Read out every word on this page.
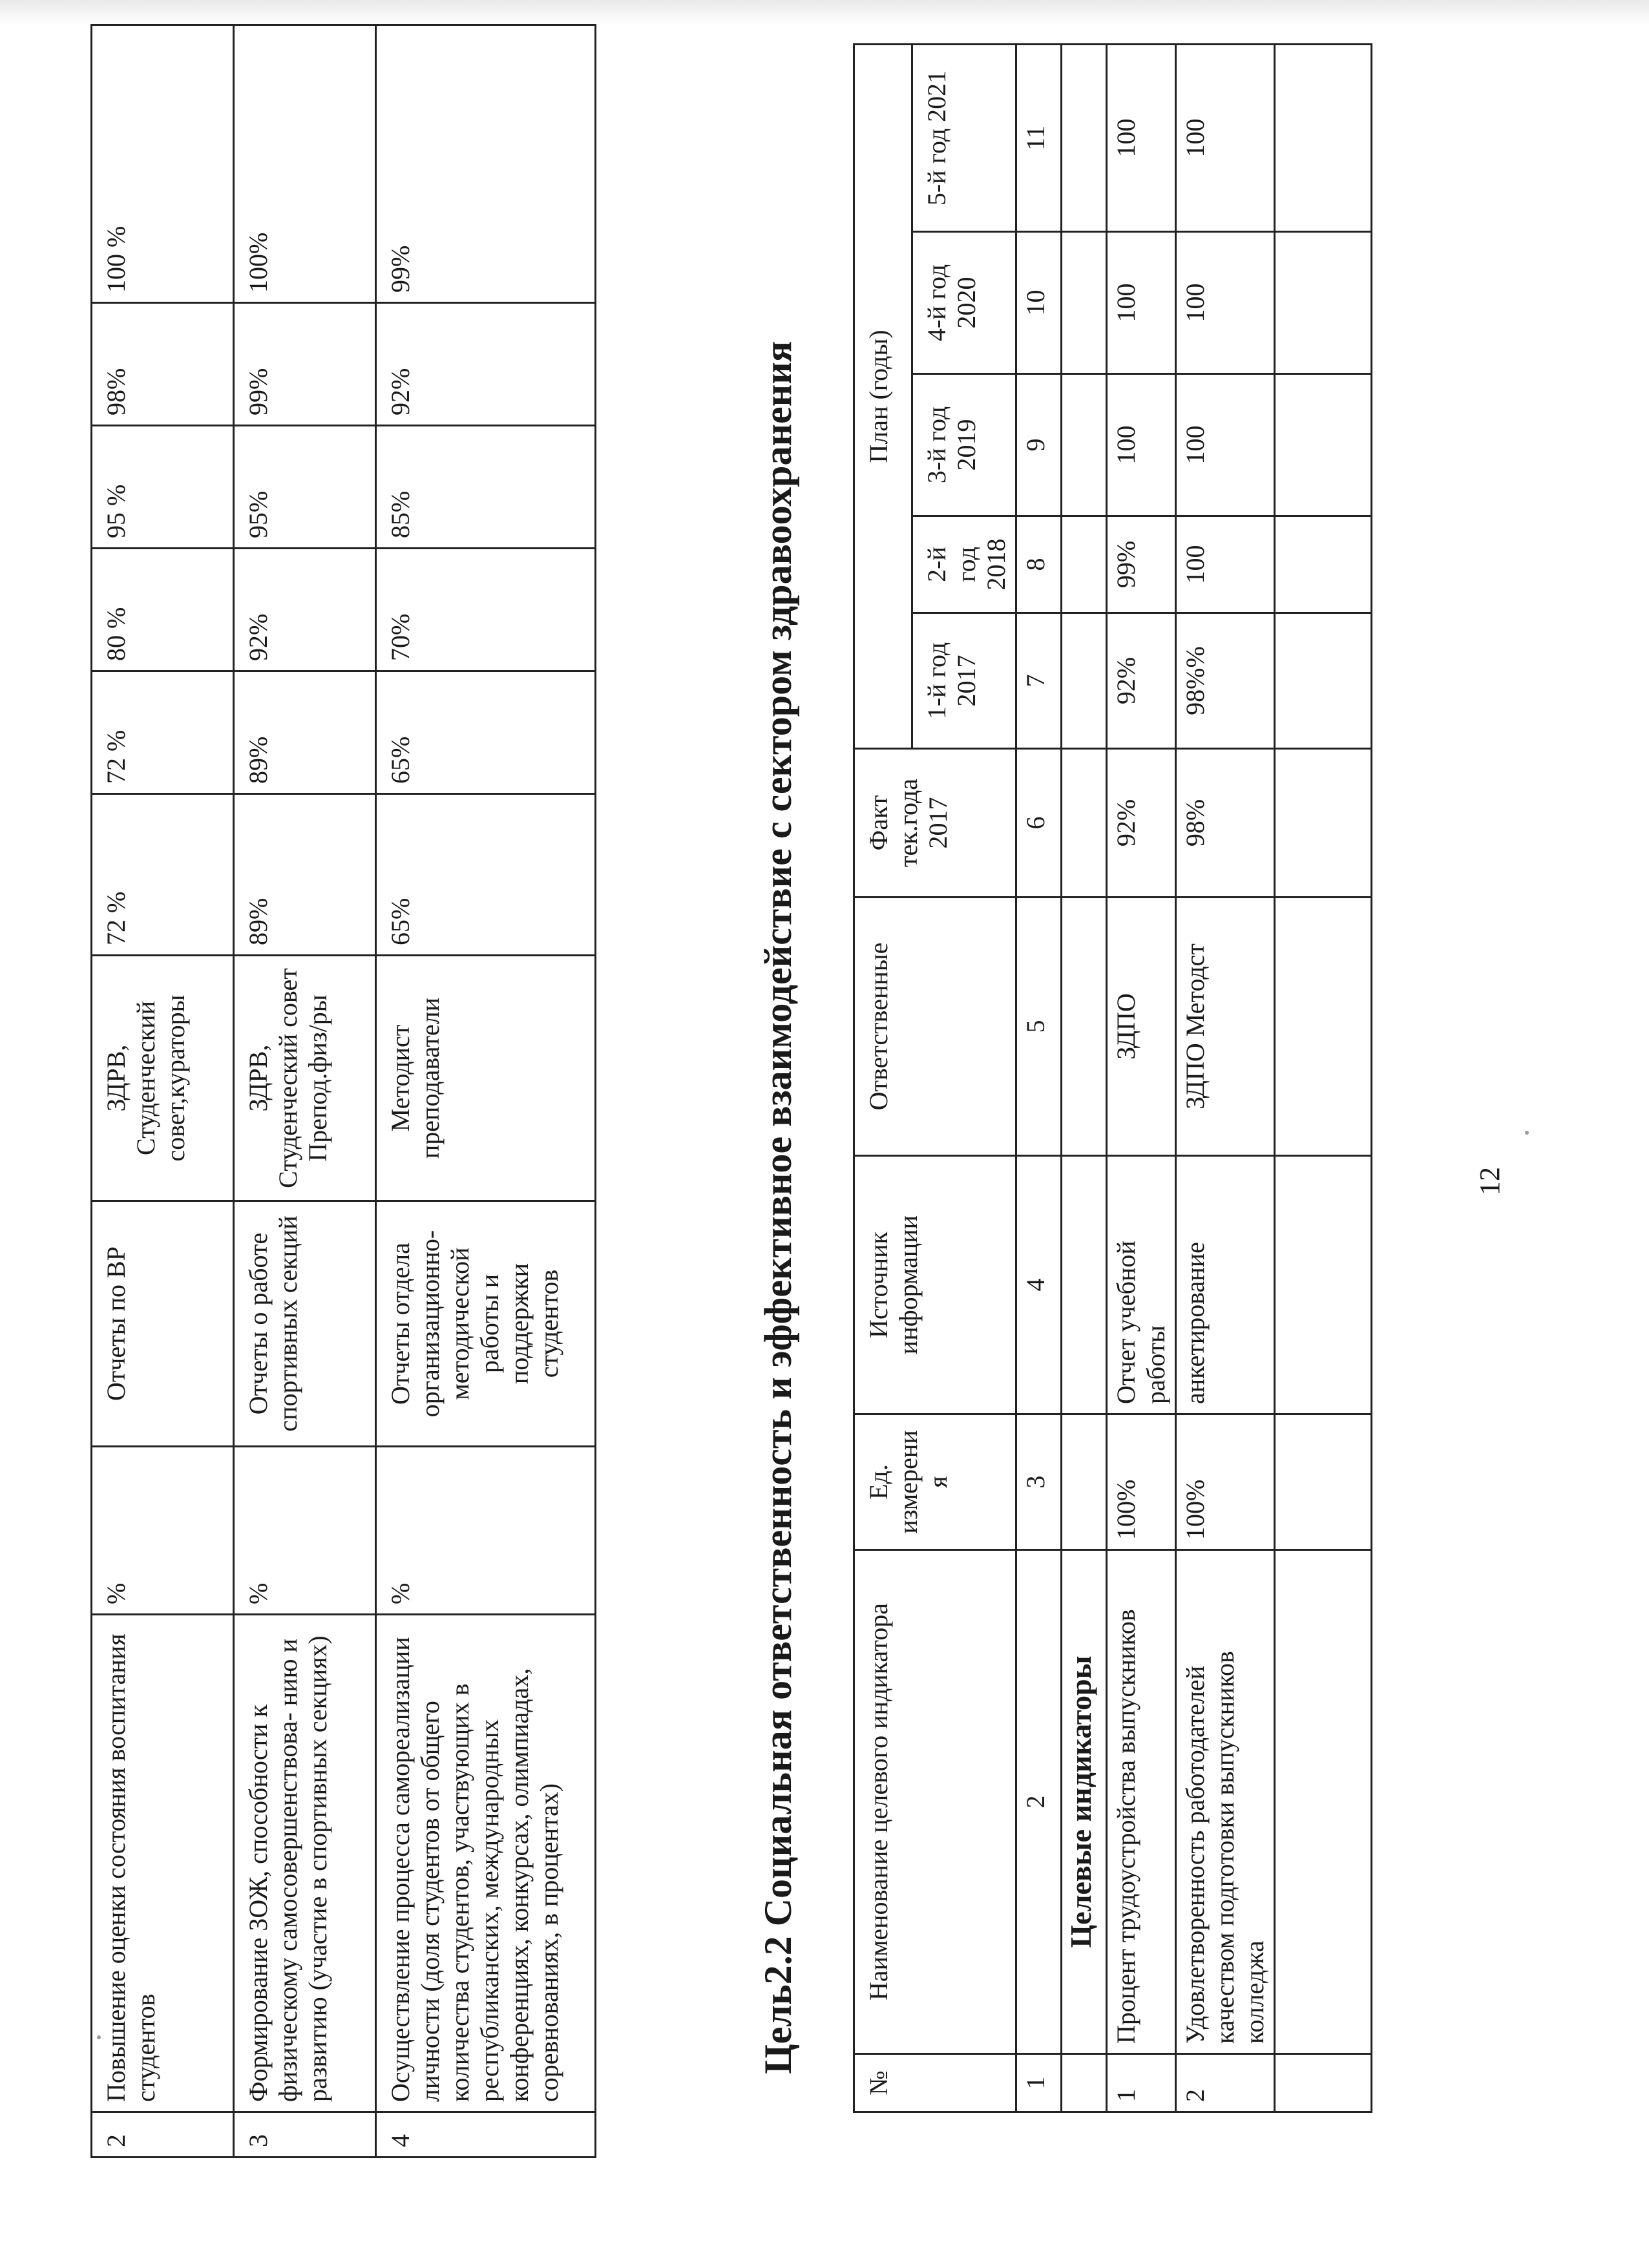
2	Повышение оценки состояния воспитания студентов	%	Отчеты по ВР	ЗДРВ, Студенческий совет,кураторы	72 %	72 %	80 %	95 %	98%	100 %
3	Формирование ЗОЖ, способности к физическому самосовершенствова- нию и развитию (участие в спортивных секциях)	%	Отчеты о работе спортивных секций	ЗДРВ, Студенческий совет Препод.физ/ры	89%	89%	92%	95%	99%	100%
4	Осуществление процесса самореализации личности (доля студентов от общего количества студентов, участвующих в республиканских, международных конференциях, конкурсах, олимпиадах, соревнованиях, в процентах)	%	Отчеты отдела организационно-методической работы и поддержки студентов	Методист преподаватели	65%	65%	70%	85%	92%	99%
Цель2.2 Социальная ответственность и эффективное взаимодействие с сектором здравоохранения
№	Наименование целевого индикатора	Ед. измерени я	Источник информации	Ответственные	Факт тек.года 2017	План (годы)				
						1-й год 2017	2-й год 2018	3-й год 2019	4-й год 2020	5-й год 2021
1	2	3	4	5	6	7	8	9	10	11
	Целевые индикаторы									
1	Процент трудоустройства выпускников	100%	Отчет учебной работы	ЗДПО	92%	92%	99%	100	100	100
2	Удовлетворенность работодателей качеством подготовки выпускников колледжа	100%	анкетирование	ЗДПО Методст	98%	98%%	100	100	100	100

12
